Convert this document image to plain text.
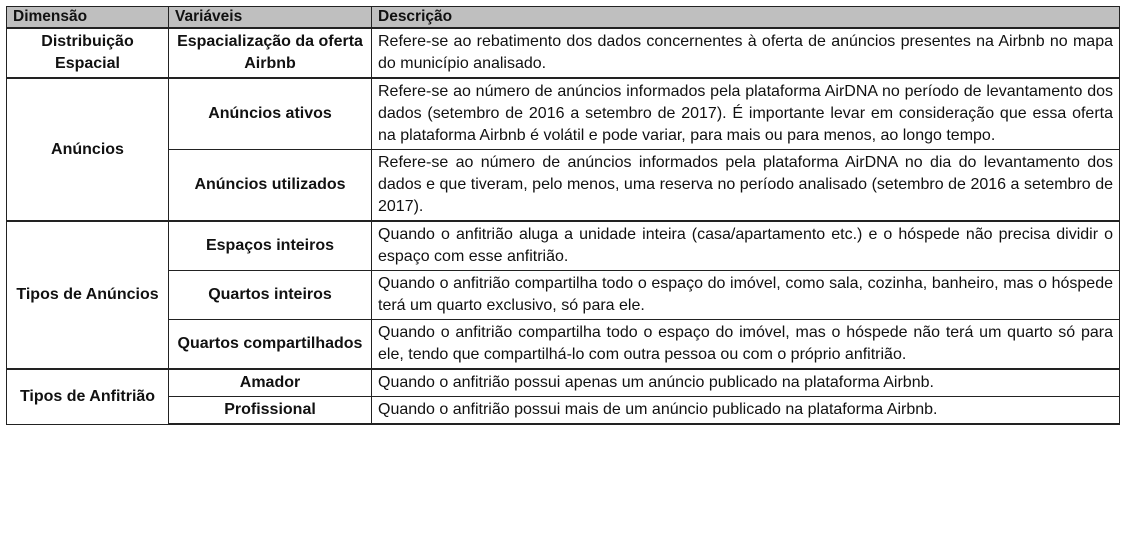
Dimensão	Variáveis	Descrição
Distribuição Espacial	Espacialização da oferta Airbnb	Refere-se ao rebatimento dos dados concernentes à oferta de anúncios presentes na Airbnb no mapa do município analisado.
Anúncios	Anúncios ativos	Refere-se ao número de anúncios informados pela plataforma AirDNA no período de levantamento dos dados (setembro de 2016 a setembro de 2017). É importante levar em consideração que essa oferta na plataforma Airbnb é volátil e pode variar, para mais ou para menos, ao longo tempo.
	Anúncios utilizados	Refere-se ao número de anúncios informados pela plataforma AirDNA no dia do levantamento dos dados e que tiveram, pelo menos, uma reserva no período analisado (setembro de 2016 a setembro de 2017).
Tipos de Anúncios	Espaços inteiros	Quando o anfitrião aluga a unidade inteira (casa/apartamento etc.) e o hóspede não precisa dividir o espaço com esse anfitrião.
	Quartos inteiros	Quando o anfitrião compartilha todo o espaço do imóvel, como sala, cozinha, banheiro, mas o hóspede terá um quarto exclusivo, só para ele.
	Quartos compartilhados	Quando o anfitrião compartilha todo o espaço do imóvel, mas o hóspede não terá um quarto só para ele, tendo que compartilhá-lo com outra pessoa ou com o próprio anfitrião.
Tipos de Anfitrião	Amador	Quando o anfitrião possui apenas um anúncio publicado na plataforma Airbnb.
	Profissional	Quando o anfitrião possui mais de um anúncio publicado na plataforma Airbnb.
